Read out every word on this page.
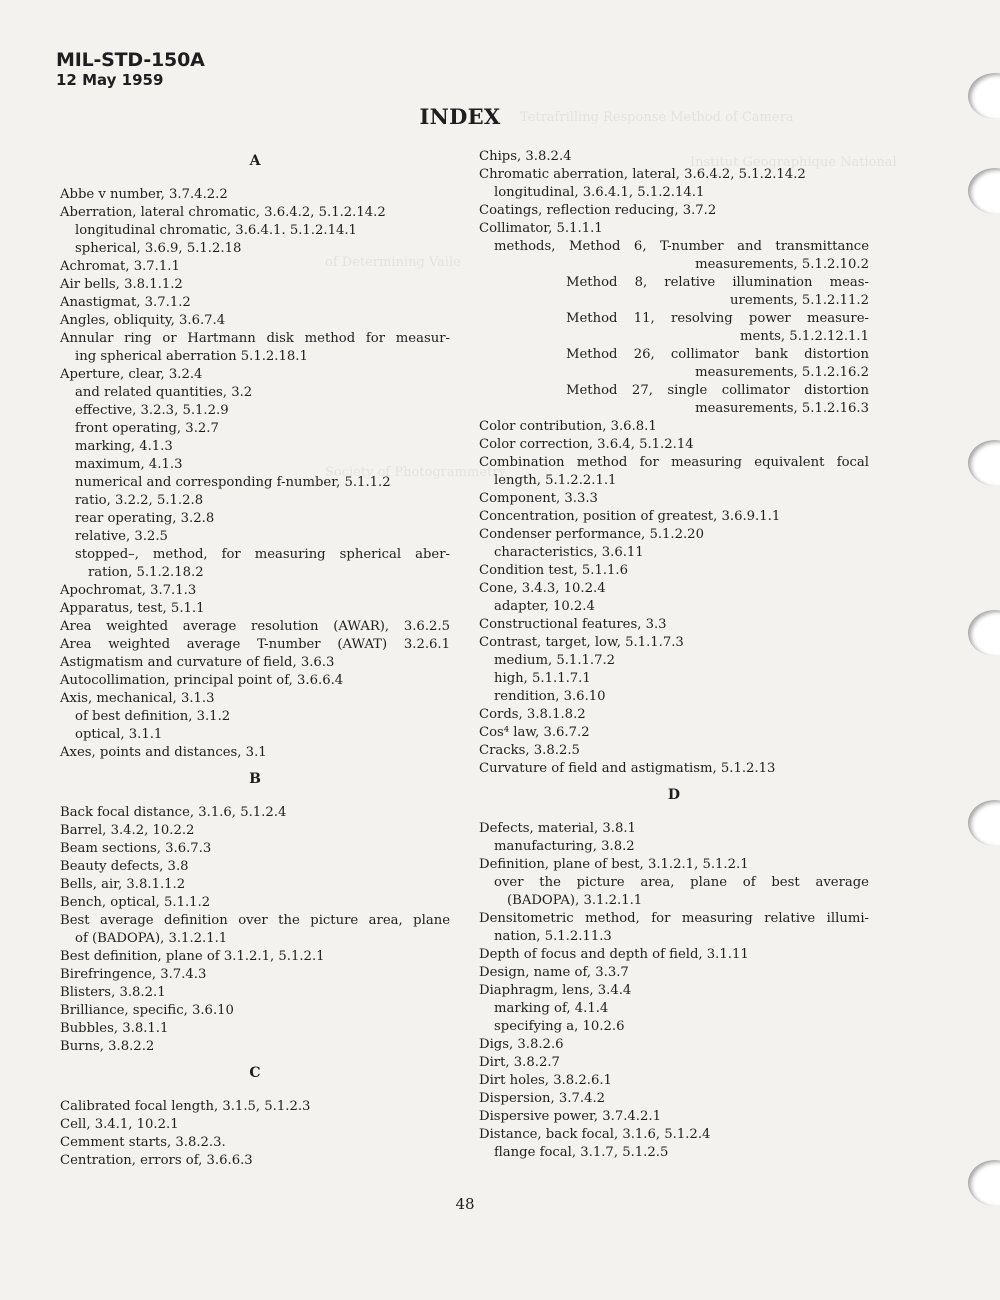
Tetrafrilling Response Method of Camera
Institut Geographique National
of Determining Vaile
Society of Photogrammetry
MIL-STD-150A
12 May 1959
INDEX
A
Abbe v number, 3.7.4.2.2
Aberration, lateral chromatic, 3.6.4.2, 5.1.2.14.2
longitudinal chromatic, 3.6.4.1. 5.1.2.14.1
spherical, 3.6.9, 5.1.2.18
Achromat, 3.7.1.1
Air bells, 3.8.1.1.2
Anastigmat, 3.7.1.2
Angles, obliquity, 3.6.7.4
Annular ring or Hartmann disk method for measur-
ing spherical aberration 5.1.2.18.1
Aperture, clear, 3.2.4
and related quantities, 3.2
effective, 3.2.3, 5.1.2.9
front operating, 3.2.7
marking, 4.1.3
maximum, 4.1.3
numerical and corresponding f-number, 5.1.1.2
ratio, 3.2.2, 5.1.2.8
rear operating, 3.2.8
relative, 3.2.5
stopped–, method, for measuring spherical aber-
ration, 5.1.2.18.2
Apochromat, 3.7.1.3
Apparatus, test, 5.1.1
Area weighted average resolution (AWAR), 3.6.2.5
Area weighted average T-number (AWAT) 3.2.6.1
Astigmatism and curvature of field, 3.6.3
Autocollimation, principal point of, 3.6.6.4
Axis, mechanical, 3.1.3
of best definition, 3.1.2
optical, 3.1.1
Axes, points and distances, 3.1
B
Back focal distance, 3.1.6, 5.1.2.4
Barrel, 3.4.2, 10.2.2
Beam sections, 3.6.7.3
Beauty defects, 3.8
Bells, air, 3.8.1.1.2
Bench, optical, 5.1.1.2
Best average definition over the picture area, plane
of (BADOPA), 3.1.2.1.1
Best definition, plane of 3.1.2.1, 5.1.2.1
Birefringence, 3.7.4.3
Blisters, 3.8.2.1
Brilliance, specific, 3.6.10
Bubbles, 3.8.1.1
Burns, 3.8.2.2
C
Calibrated focal length, 3.1.5, 5.1.2.3
Cell, 3.4.1, 10.2.1
Cemment starts, 3.8.2.3.
Centration, errors of, 3.6.6.3
Chips, 3.8.2.4
Chromatic aberration, lateral, 3.6.4.2, 5.1.2.14.2
longitudinal, 3.6.4.1, 5.1.2.14.1
Coatings, reflection reducing, 3.7.2
Collimator, 5.1.1.1
methods, Method 6, T-number and transmittance
measurements, 5.1.2.10.2
Method 8, relative illumination meas-
urements, 5.1.2.11.2
Method 11, resolving power measure-
ments, 5.1.2.12.1.1
Method 26, collimator bank distortion
measurements, 5.1.2.16.2
Method 27, single collimator distortion
measurements, 5.1.2.16.3
Color contribution, 3.6.8.1
Color correction, 3.6.4, 5.1.2.14
Combination method for measuring equivalent focal
length, 5.1.2.2.1.1
Component, 3.3.3
Concentration, position of greatest, 3.6.9.1.1
Condenser performance, 5.1.2.20
characteristics, 3.6.11
Condition test, 5.1.1.6
Cone, 3.4.3, 10.2.4
adapter, 10.2.4
Constructional features, 3.3
Contrast, target, low, 5.1.1.7.3
medium, 5.1.1.7.2
high, 5.1.1.7.1
rendition, 3.6.10
Cords, 3.8.1.8.2
Cos⁴ law, 3.6.7.2
Cracks, 3.8.2.5
Curvature of field and astigmatism, 5.1.2.13
D
Defects, material, 3.8.1
manufacturing, 3.8.2
Definition, plane of best, 3.1.2.1, 5.1.2.1
over the picture area, plane of best average
(BADOPA), 3.1.2.1.1
Densitometric method, for measuring relative illumi-
nation, 5.1.2.11.3
Depth of focus and depth of field, 3.1.11
Design, name of, 3.3.7
Diaphragm, lens, 3.4.4
marking of, 4.1.4
specifying a, 10.2.6
Digs, 3.8.2.6
Dirt, 3.8.2.7
Dirt holes, 3.8.2.6.1
Dispersion, 3.7.4.2
Dispersive power, 3.7.4.2.1
Distance, back focal, 3.1.6, 5.1.2.4
flange focal, 3.1.7, 5.1.2.5
48
